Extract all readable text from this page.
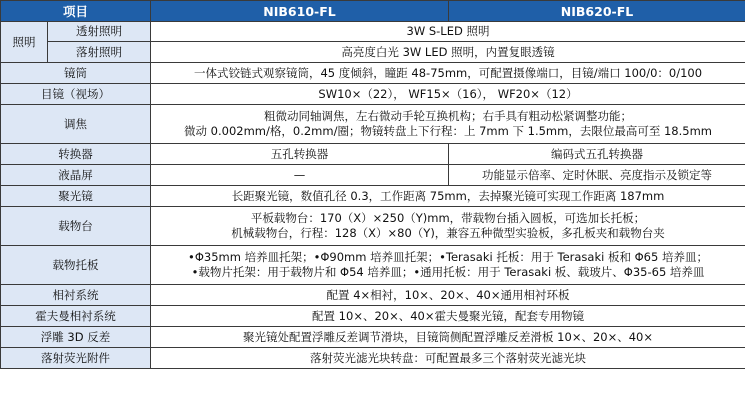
项目		NIB610-FL	NIB620-FL
照明	透射照明	3W S-LED 照明	
	落射照明	高亮度白光 3W LED 照明，内置复眼透镜	
镜筒		一体式铰链式观察镜筒，45 度倾斜，瞳距 48-75mm，可配置摄像端口，目镜/端口 100/0：0/100	
目镜（视场）		SW10×（22）， WF15×（16）， WF20×（12）	
调焦		粗微动同轴调焦，左右微动手轮互换机构；右手具有粗动松紧调整功能；
微动 0.002mm/格，0.2mm/圈；物镜转盘上下行程：上 7mm 下 1.5mm，去限位最高可至 18.5mm	

转换器		五孔转换器	编码式五孔转换器
液晶屏		—	功能显示倍率、定时休眠、亮度指示及锁定等
聚光镜		长距聚光镜，数值孔径 0.3，工作距离 75mm，去掉聚光镜可实现工作距离 187mm	
载物台		平板载物台：170（X）×250（Y)mm，带载物台插入圆板，可选加长托板；
机械载物台，行程：128（X）×80（Y)，兼容五种微型实验板，多孔板夹和载物台夹	

载物托板		•Φ35mm 培养皿托架；•Φ90mm 培养皿托架；•Terasaki 托板：用于 Terasaki 板和 Φ65 培养皿；
•载物片托架：用于载物片和 Φ54 培养皿；•通用托板：用于 Terasaki 板、载玻片、Φ35-65 培养皿	

相衬系统		配置 4×相衬，10×、20×、40×通用相衬环板	
霍夫曼相衬系统		配置 10×、20×、40×霍夫曼聚光镜，配套专用物镜	
浮雕 3D 反差		聚光镜处配置浮雕反差调节滑块，目镜筒侧配置浮雕反差滑板 10×、20×、40×	
落射荧光附件		落射荧光滤光块转盘：可配置最多三个落射荧光滤光块	
